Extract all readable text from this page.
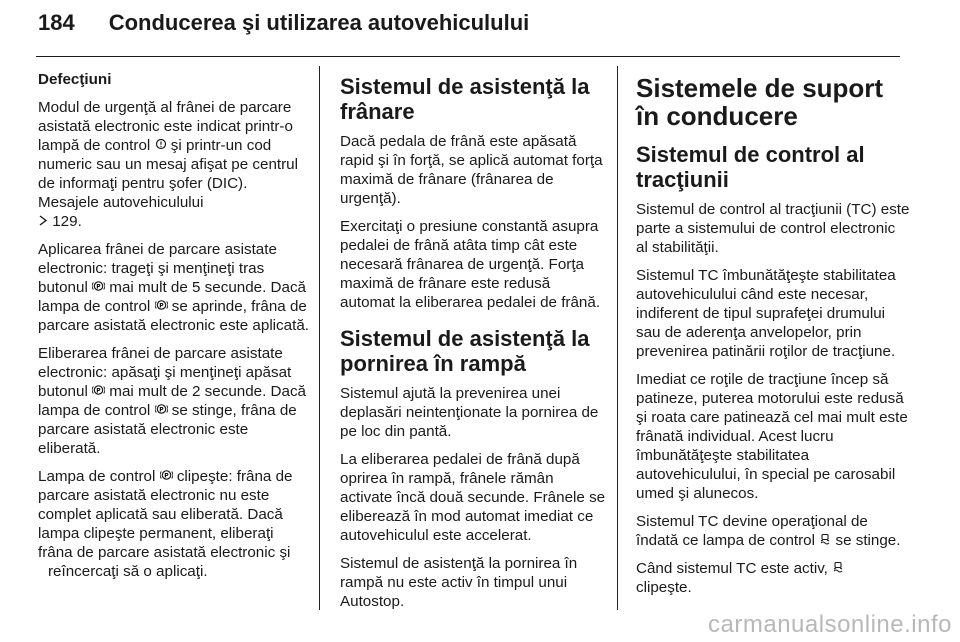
184 Conducerea şi utilizarea autovehiculului

Defecţiuni

Modul de urgenţă al frânei de parcare asistată electronic este indicat printr-o lampă de control şi printr-un cod numeric sau un mesaj afişat pe centrul de informaţi pentru şofer (DIC). Mesajele autovehiculului
129.

Aplicarea frânei de parcare asistate electronic: trageţi şi menţineţi tras butonul P mai mult de 5 secunde. Dacă lampa de control P se aprinde, frâna de parcare asistată electronic este aplicată.

Eliberarea frânei de parcare asistate electronic: apăsaţi şi menţineţi apăsat butonul P mai mult de 2 secunde. Dacă lampa de control P se stinge, frâna de parcare asistată electronic este eliberată.

Lampa de control P clipeşte: frâna de parcare asistată electronic nu este complet aplicată sau eliberată. Dacă lampa clipeşte permanent, eliberaţi frâna de parcare asistată electronic şi
reîncercaţi să o aplicaţi.

Sistemul de asistenţă la frânare

Dacă pedala de frână este apăsată rapid şi în forţă, se aplică automat forţa maximă de frânare (frânarea de urgenţă).

Exercitaţi o presiune constantă asupra pedalei de frână atâta timp cât este necesară frânarea de urgenţă. Forţa maximă de frânare este redusă automat la eliberarea pedalei de frână.

Sistemul de asistenţă la pornirea în rampă

Sistemul ajută la prevenirea unei deplasări neintenţionate la pornirea de pe loc din pantă.

La eliberarea pedalei de frână după oprirea în rampă, frânele rămân activate încă două secunde. Frânele se eliberează în mod automat imediat ce autovehiculul este accelerat.

Sistemul de asistenţă la pornirea în rampă nu este activ în timpul unui Autostop.

Sistemele de suport în conducere
Sistemul de control al tracţiunii

Sistemul de control al tracţiunii (TC) este parte a sistemului de control electronic al stabilităţii.

Sistemul TC îmbunătăţeşte stabilitatea autovehiculului când este necesar, indiferent de tipul suprafeţei drumului sau de aderenţa anvelopelor, prin prevenirea patinării roţilor de tracţiune.

Imediat ce roţile de tracţiune încep să patineze, puterea motorului este redusă şi roata care patinează cel mai mult este frânată individual. Acest lucru îmbunătăţeşte stabilitatea autovehiculului, în special pe carosabil umed şi alunecos.

Sistemul TC devine operaţional de îndată ce lampa de control se stinge.

Când sistemul TC este activ,
clipeşte.

carmanualsonline.info
